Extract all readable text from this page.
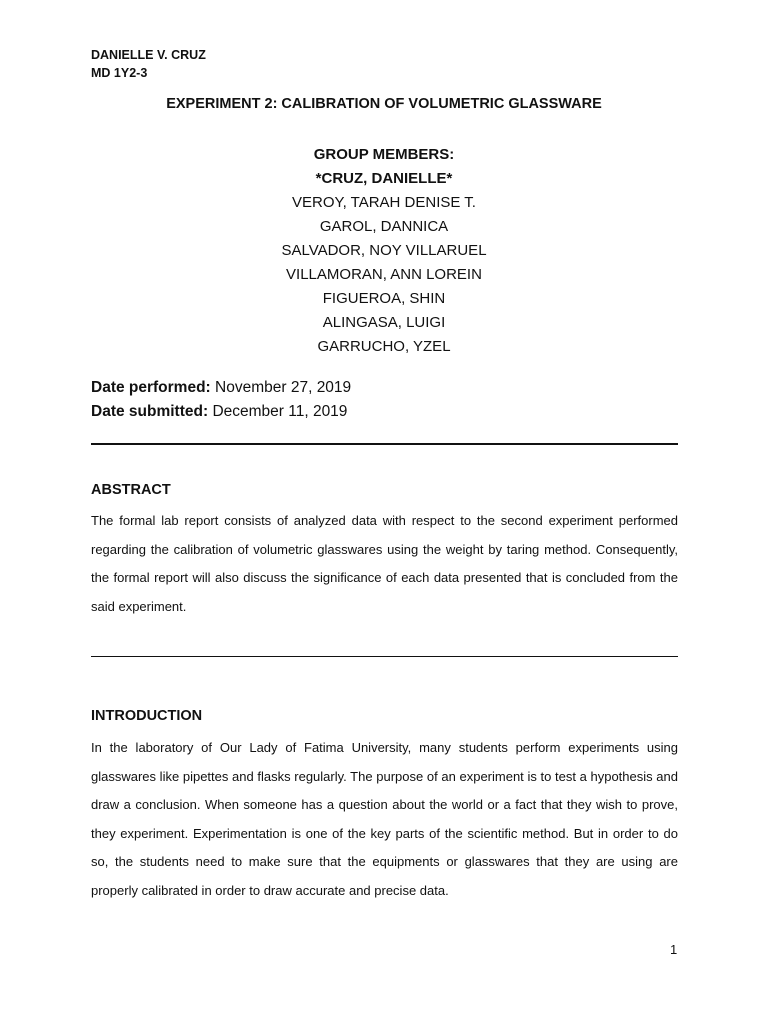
DANIELLE V. CRUZ
MD 1Y2-3
EXPERIMENT 2: CALIBRATION OF VOLUMETRIC GLASSWARE
GROUP MEMBERS:
*CRUZ, DANIELLE*
VEROY, TARAH DENISE T.
GAROL, DANNICA
SALVADOR, NOY VILLARUEL
VILLAMORAN, ANN LOREIN
FIGUEROA, SHIN
ALINGASA, LUIGI
GARRUCHO, YZEL
Date performed: November 27, 2019
Date submitted: December 11, 2019
ABSTRACT
The formal lab report consists of analyzed data with respect to the second experiment performed regarding the calibration of volumetric glasswares using the weight by taring method. Consequently, the formal report will also discuss the significance of each data presented that is concluded from the said experiment.
INTRODUCTION
In the laboratory of Our Lady of Fatima University, many students perform experiments using glasswares like pipettes and flasks regularly. The purpose of an experiment is to test a hypothesis and draw a conclusion. When someone has a question about the world or a fact that they wish to prove, they experiment. Experimentation is one of the key parts of the scientific method. But in order to do so, the students need to make sure that the equipments or glasswares that they are using are properly calibrated in order to draw accurate and precise data.
1
